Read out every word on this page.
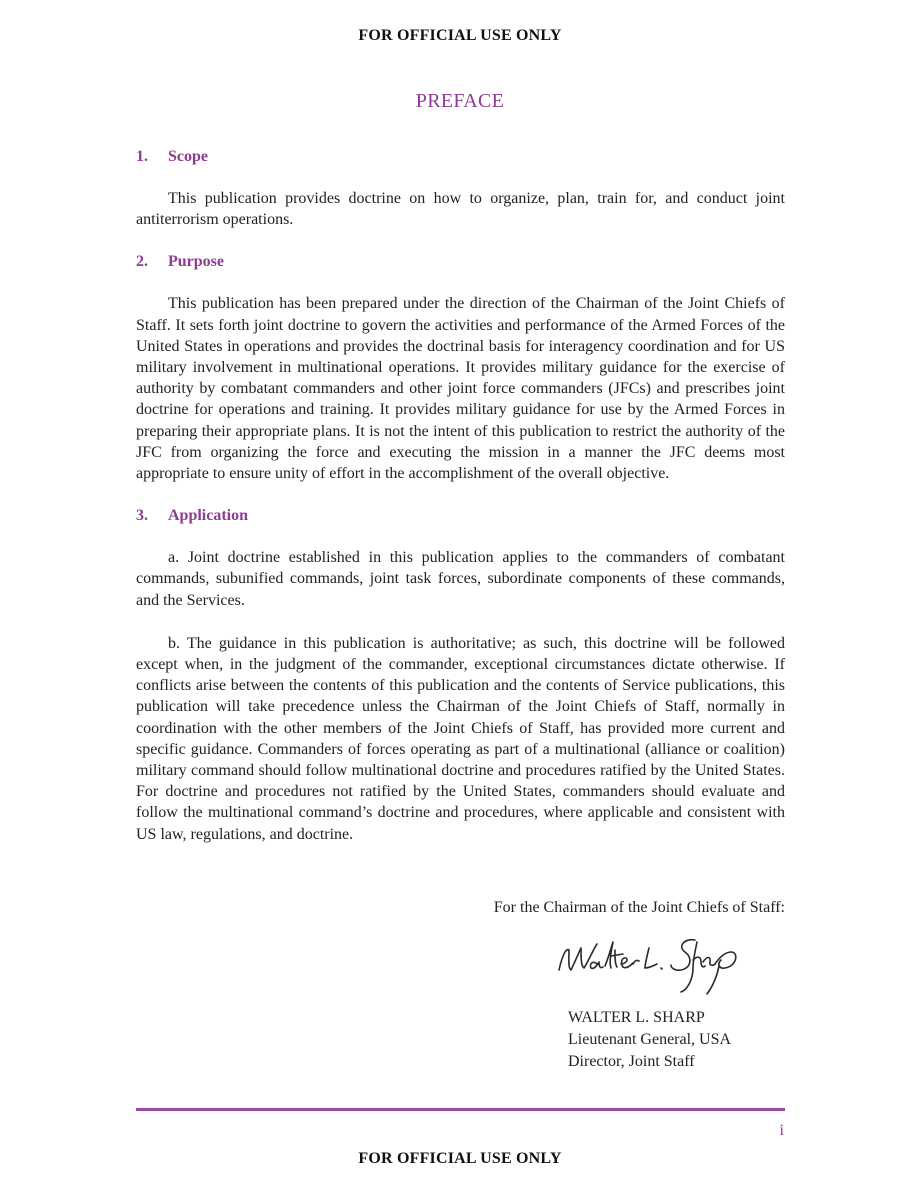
FOR OFFICIAL USE ONLY
PREFACE
1. Scope

This publication provides doctrine on how to organize, plan, train for, and conduct joint antiterrorism operations.

2. Purpose

This publication has been prepared under the direction of the Chairman of the Joint Chiefs of Staff. It sets forth joint doctrine to govern the activities and performance of the Armed Forces of the United States in operations and provides the doctrinal basis for interagency coordination and for US military involvement in multinational operations. It provides military guidance for the exercise of authority by combatant commanders and other joint force commanders (JFCs) and prescribes joint doctrine for operations and training. It provides military guidance for use by the Armed Forces in preparing their appropriate plans. It is not the intent of this publication to restrict the authority of the JFC from organizing the force and executing the mission in a manner the JFC deems most appropriate to ensure unity of effort in the accomplishment of the overall objective.

3. Application

a. Joint doctrine established in this publication applies to the commanders of combatant commands, subunified commands, joint task forces, subordinate components of these commands, and the Services.

b. The guidance in this publication is authoritative; as such, this doctrine will be followed except when, in the judgment of the commander, exceptional circumstances dictate otherwise. If conflicts arise between the contents of this publication and the contents of Service publications, this publication will take precedence unless the Chairman of the Joint Chiefs of Staff, normally in coordination with the other members of the Joint Chiefs of Staff, has provided more current and specific guidance. Commanders of forces operating as part of a multinational (alliance or coalition) military command should follow multinational doctrine and procedures ratified by the United States. For doctrine and procedures not ratified by the United States, commanders should evaluate and follow the multinational command’s doctrine and procedures, where applicable and consistent with US law, regulations, and doctrine.

For the Chairman of the Joint Chiefs of Staff:
WALTER L. SHARP
Lieutenant General, USA
Director, Joint Staff
i
FOR OFFICIAL USE ONLY
